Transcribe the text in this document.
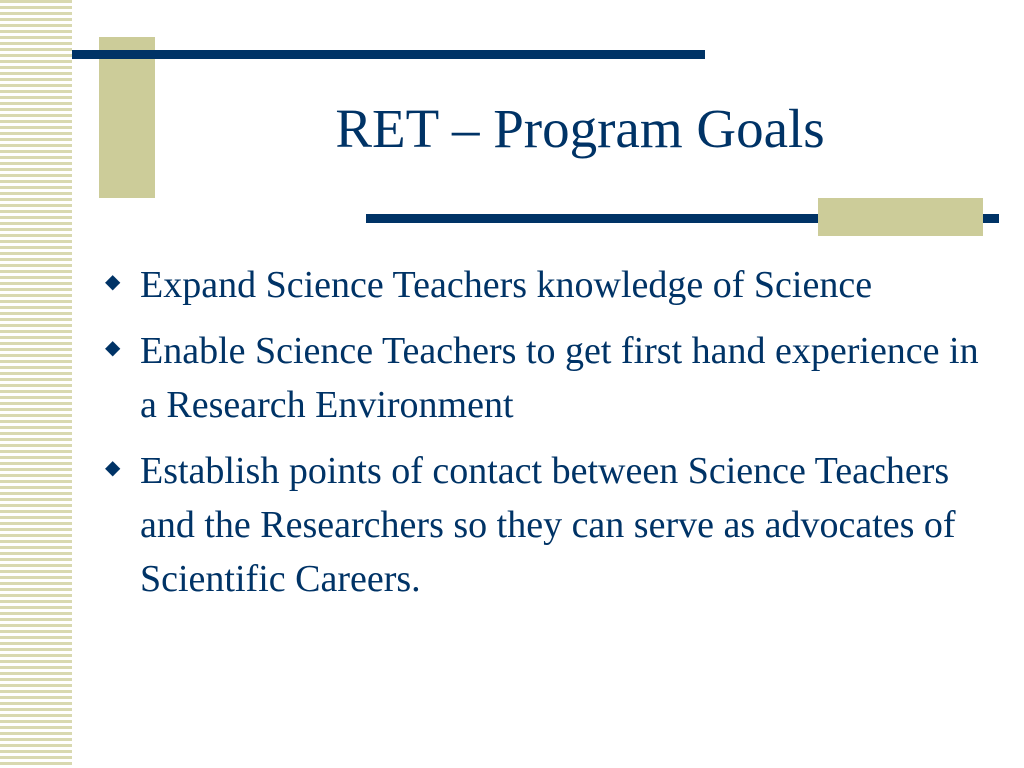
RET – Program Goals
◆ Expand Science Teachers knowledge of Science
◆ Enable Science Teachers to get first hand experience in a Research Environment
◆ Establish points of contact between Science Teachers and the Researchers so they can serve as advocates of Scientific Careers.
